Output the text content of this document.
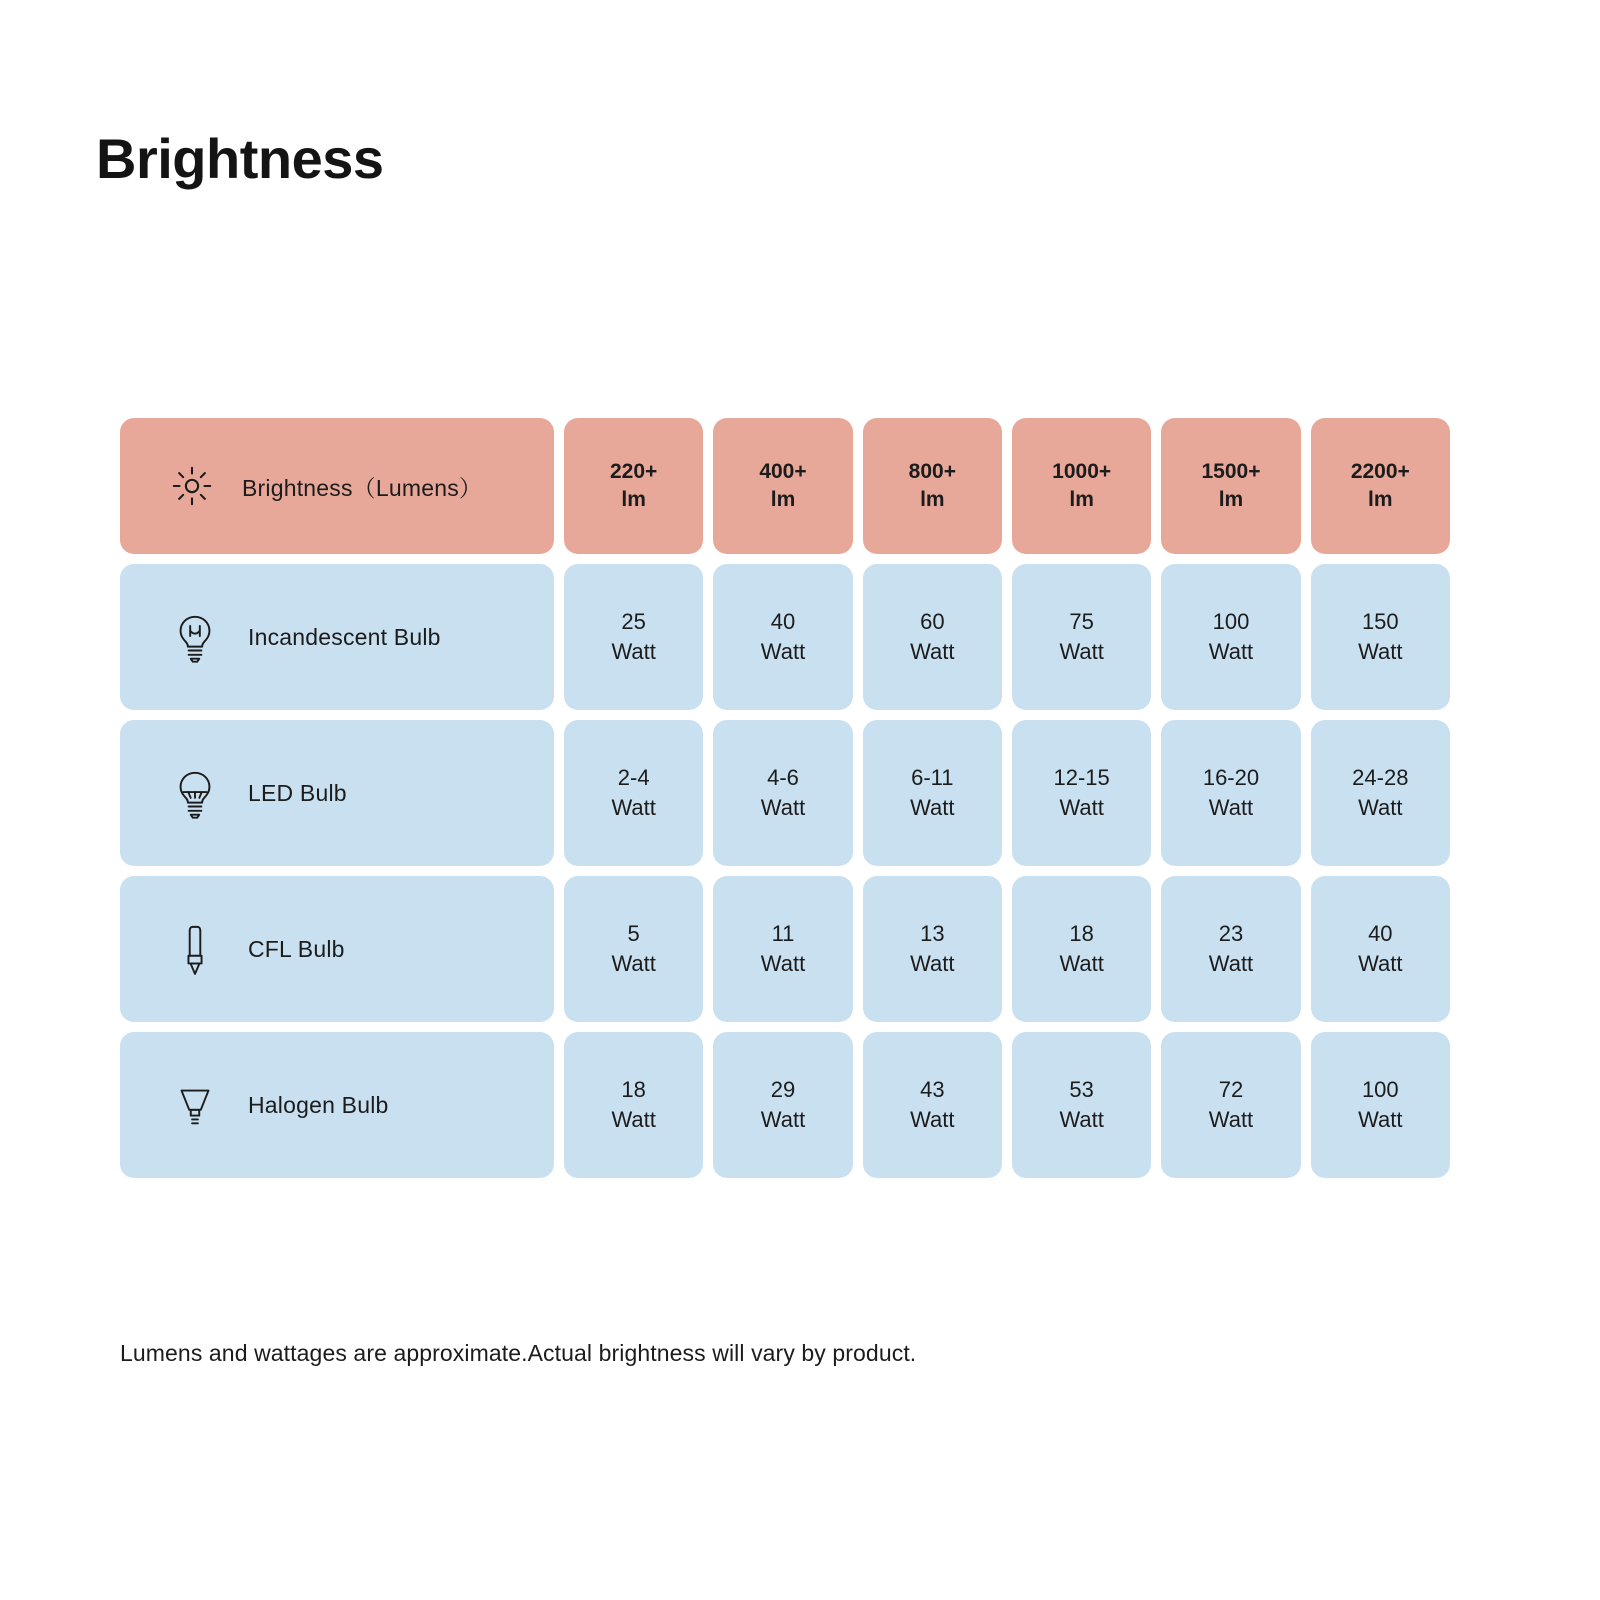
Brightness
Brightness（Lumens）
220+
lm
400+
lm
800+
lm
1000+
lm
1500+
lm
2200+
lm
Incandescent Bulb
25
Watt
40
Watt
60
Watt
75
Watt
100
Watt
150
Watt
LED Bulb
2-4
Watt
4-6
Watt
6-11
Watt
12-15
Watt
16-20
Watt
24-28
Watt
CFL Bulb
5
Watt
11
Watt
13
Watt
18
Watt
23
Watt
40
Watt
Halogen Bulb
18
Watt
29
Watt
43
Watt
53
Watt
72
Watt
100
Watt
Lumens and wattages are approximate.Actual brightness will vary by product.
